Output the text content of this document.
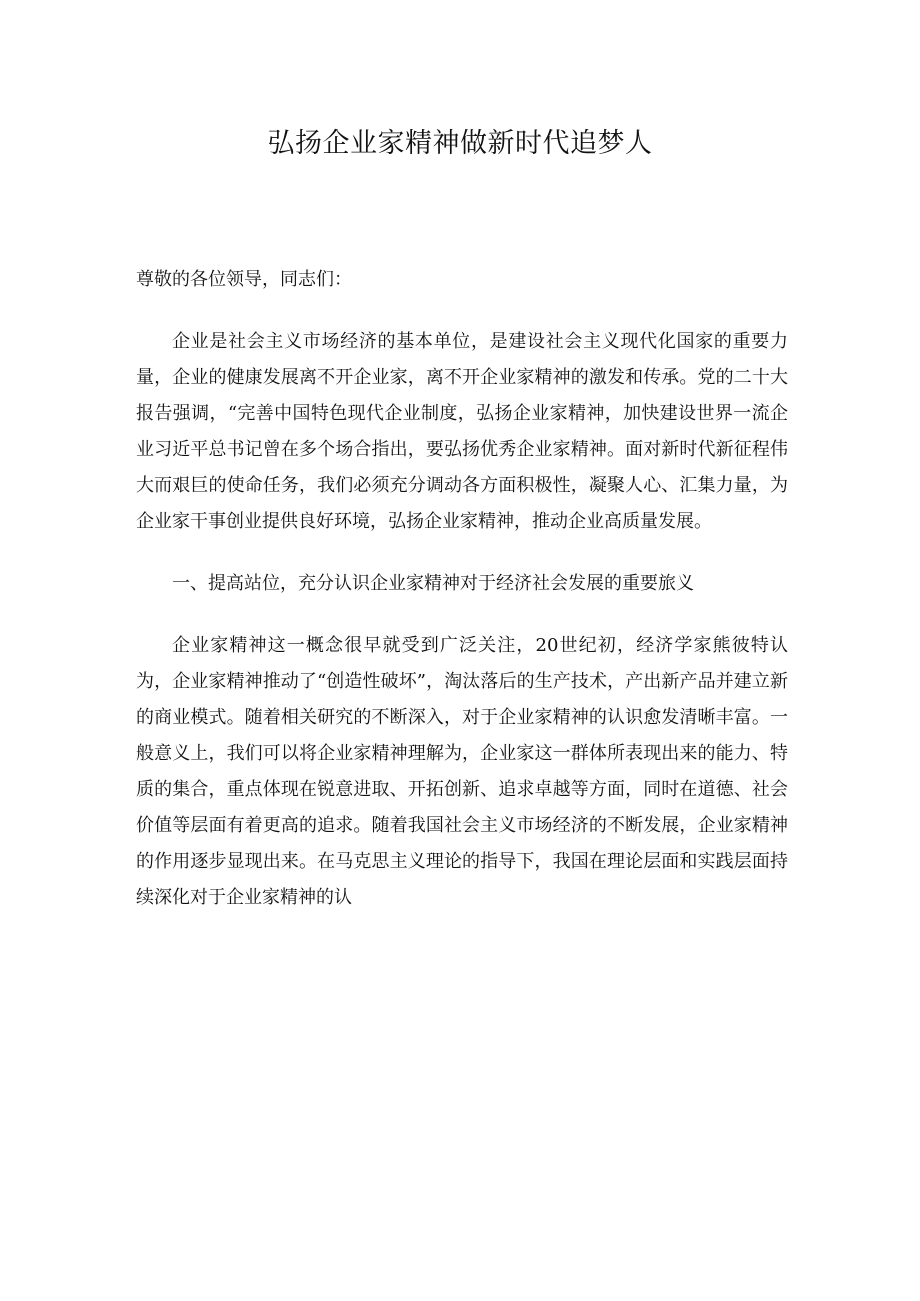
弘扬企业家精神做新时代追梦人

尊敬的各位领导，同志们：

企业是社会主义市场经济的基本单位，是建设社会主义现代化国家的重要力量，企业的健康发展离不开企业家，离不开企业家精神的激发和传承。党的二十大报告强调，“完善中国特色现代企业制度，弘扬企业家精神，加快建设世界一流企业习近平总书记曾在多个场合指出，要弘扬优秀企业家精神。面对新时代新征程伟大而艰巨的使命任务，我们必须充分调动各方面积极性，凝聚人心、汇集力量，为企业家干事创业提供良好环境，弘扬企业家精神，推动企业高质量发展。

一、提高站位，充分认识企业家精神对于经济社会发展的重要旅义

企业家精神这一概念很早就受到广泛关注，20世纪初，经济学家熊彼特认为，企业家精神推动了“创造性破坏”，淘汰落后的生产技术，产出新产品并建立新的商业模式。随着相关研究的不断深入，对于企业家精神的认识愈发清晰丰富。一般意义上，我们可以将企业家精神理解为，企业家这一群体所表现出来的能力、特质的集合，重点体现在锐意进取、开拓创新、追求卓越等方面，同时在道德、社会价值等层面有着更高的追求。随着我国社会主义市场经济的不断发展，企业家精神的作用逐步显现出来。在马克思主义理论的指导下，我国在理论层面和实践层面持续深化对于企业家精神的认
